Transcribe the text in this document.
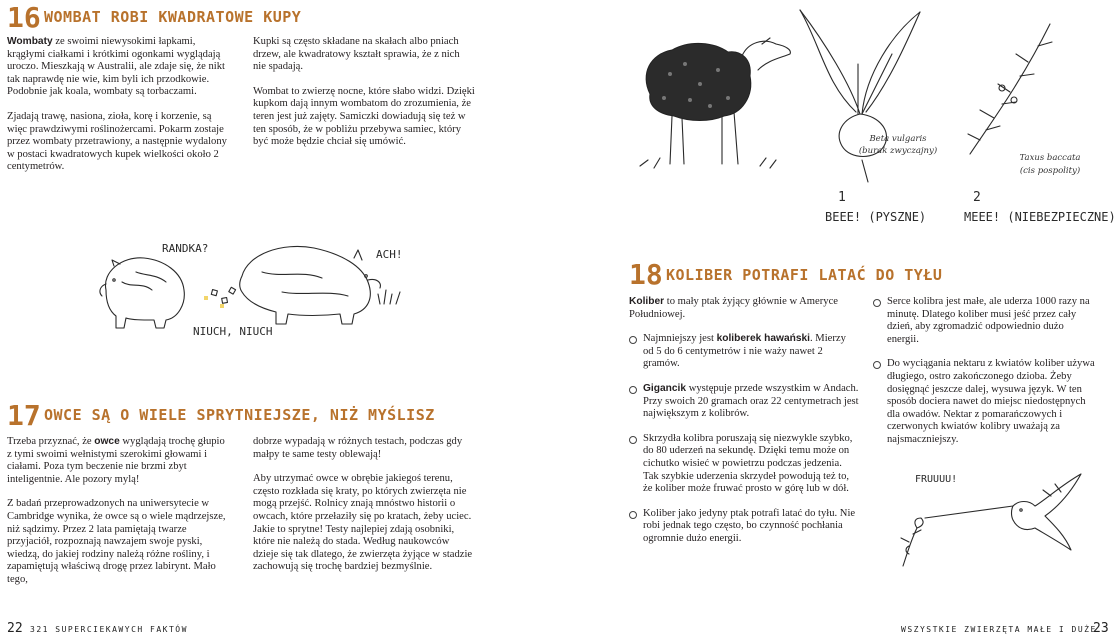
16 WOMBAT ROBI KWADRATOWE KUPY

Wombaty ze swoimi niewysokimi łapkami, krągłymi ciałkami i krótkimi ogonkami wyglądają uroczo. Mieszkają w Australii, ale zdaje się, że nikt tak naprawdę nie wie, kim byli ich przodkowie. Podobnie jak koala, wombaty są torbaczami.

Zjadają trawę, nasiona, zioła, korę i korzenie, są więc prawdziwymi roślinożercami. Pokarm zostaje przez wombaty przetrawiony, a następnie wydalony w postaci kwadratowych kupek wielkości około 2 centymetrów.

Kupki są często składane na skałach albo pniach drzew, ale kwadratowy kształt sprawia, że z nich nie spadają.

Wombat to zwierzę nocne, które słabo widzi. Dzięki kupkom dają innym wombatom do zrozumienia, że teren jest już zajęty. Samiczki dowiadują się też w ten sposób, że w pobliżu przebywa samiec, który być może będzie chciał się umówić.

RANDKA?	ACH!
NIUCH, NIUCH
17 OWCE SĄ O WIELE SPRYTNIEJSZE, NIŻ MYŚLISZ

Trzeba przyznać, że owce wyglądają trochę głupio z tymi swoimi wełnistymi szerokimi głowami i ciałami. Poza tym beczenie nie brzmi zbyt inteligentnie. Ale pozory mylą!

Z badań przeprowadzonych na uniwersytecie w Cambridge wynika, że owce są o wiele mądrzejsze, niż sądzimy. Przez 2 lata pamiętają twarze przyjaciół, rozpoznają nawzajem swoje pyski, wiedzą, do jakiej rodziny należą różne rośliny, i zapamiętują właściwą drogę przez labirynt. Mało tego,

dobrze wypadają w różnych testach, podczas gdy małpy te same testy oblewają!

Aby utrzymać owce w obrębie jakiegoś terenu, często rozkłada się kraty, po których zwierzęta nie mogą przejść. Rolnicy znają mnóstwo historii o owcach, które przełaziły się po kratach, żeby uciec. Jakie to sprytne! Testy najlepiej zdają osobniki, które nie należą do stada. Według naukowców dzieje się tak dlatego, że zwierzęta żyjące w stadzie zachowują się trochę bardziej bezmyślnie.

22 321 SUPERCIEKAWYCH FAKTÓW
Beta vulgaris
(burak zwyczajny)
Taxus baccata
(cis pospolity)
1
BEEE! (PYSZNE)
2
MEEE! (NIEBEZPIECZNE)
18 KOLIBER POTRAFI LATAĆ DO TYŁU

Koliber to mały ptak żyjący głównie w Ameryce Południowej.

Najmniejszy jest koliberek hawański. Mierzy od 5 do 6 centymetrów i nie waży nawet 2 gramów.
Gigancik występuje przede wszystkim w Andach. Przy swoich 20 gramach oraz 22 centymetrach jest największym z kolibrów.
Skrzydła kolibra poruszają się niezwykle szybko, do 80 uderzeń na sekundę. Dzięki temu może on cichutko wisieć w powietrzu podczas jedzenia. Tak szybkie uderzenia skrzydeł powodują też to, że koliber może fruwać prosto w górę lub w dół.
Koliber jako jedyny ptak potrafi latać do tyłu. Nie robi jednak tego często, bo czynność pochłania ogromnie dużo energii.
Serce kolibra jest małe, ale uderza 1000 razy na minutę. Dlatego koliber musi jeść przez cały dzień, aby zgromadzić odpowiednio dużo energii.
Do wyciągania nektaru z kwiatów koliber używa długiego, ostro zakończonego dzioba. Żeby dosięgnąć jeszcze dalej, wysuwa język. W ten sposób dociera nawet do miejsc niedostępnych dla owadów. Nektar z pomarańczowych i czerwonych kwiatów kolibry uważają za najsmaczniejszy.
FRUUUU!
WSZYSTKIE ZWIERZĘTA MAŁE I DUŻE
23
